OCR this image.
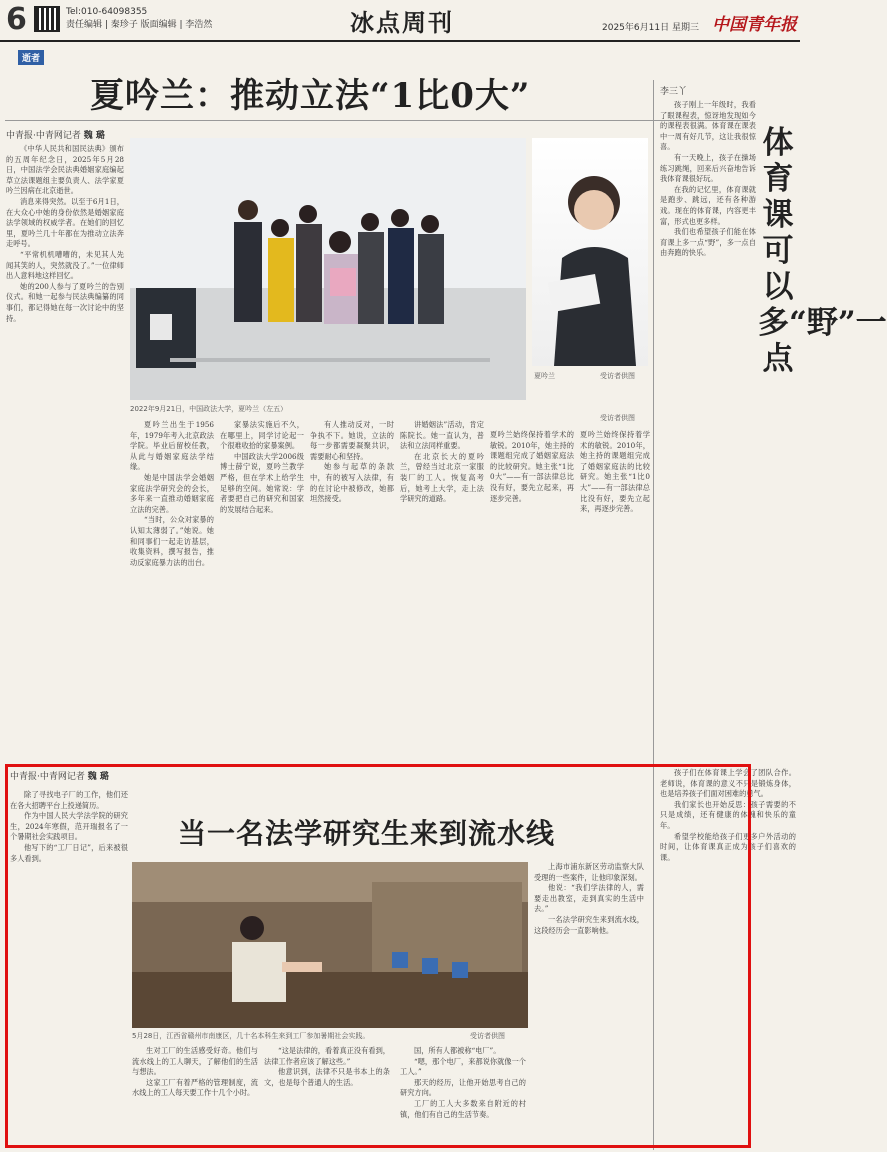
6	Tel:010-64098355
责任编辑 | 秦珍子 版面编辑 | 李浩然	冰点周刊	2025年6月11日 星期三 中国青年报
逝者
夏吟兰：推动立法“1比0大”
中青报·中青网记者 魏 璐

《中华人民共和国民法典》颁布的五周年纪念日，2025年5月28日，中国法学会民法典婚姻家庭编起草立法课题组主要负责人、法学家夏吟兰因病在北京逝世。

消息来得突然。以至于6月1日，在大众心中她的身份依然是婚姻家庭法学领域的权威学者。在她们的回忆里，夏吟兰几十年都在为推动立法奔走呼号。

“平常机机嘈嘈的，未见其人先闻其笑的人，突然就没了。”一位律师出人意料地这样回忆。

她的200人参与了夏吟兰的告别仪式。和她一起参与民法典编纂的同事们，都记得她在每一次讨论中的坚持。

2022年9月21日，中国政法大学，夏吟兰（左五）
夏吟兰	受访者供图
受访者供图

夏吟兰出生于1956年，1979年考入北京政法学院。毕业后留校任教，从此与婚姻家庭法学结缘。

她是中国法学会婚姻家庭法学研究会的会长，多年来一直推动婚姻家庭立法的完善。

“当时，公众对家暴的认知太薄弱了。”她说。她和同事们一起走访基层，收集资料，撰写报告，推动反家庭暴力法的出台。

家暴法实施后不久，在哪里上，同学讨论起一个很难收拾的家暴案例。

中国政法大学2006级博士薛宁说，夏吟兰教学严格，但在学术上给学生足够的空间。她常说：学者要把自己的研究和国家的发展结合起来。

有人推动反对，一时争执不下。她说，立法的每一步都需要凝聚共识，需要耐心和坚持。

她参与起草的条款中，有的被写入法律，有的在讨论中被修改，她都坦然接受。

讲婚姻法”活动，肯定陈院长。她一直认为，普法和立法同样重要。

在北京长大的夏吟兰，曾经当过北京一家服装厂的工人。恢复高考后，她考上大学，走上法学研究的道路。

夏吟兰始终保持着学术的敏锐。2010年，她主持的课题组完成了婚姻家庭法的比较研究。她主张“1比0大”——有一部法律总比没有好，要先立起来，再逐步完善。
夏吟兰始终保持着学术的敏锐。2010年，她主持的课题组完成了婚姻家庭法的比较研究。她主张“1比0大”——有一部法律总比没有好，要先立起来，再逐步完善。
李三丫

孩子刚上一年级时，我看了眼课程表，惊讶地发现如今的课程表很满。体育课在课表中一周有好几节，这让我很惊喜。

有一天晚上，孩子在操场练习跳绳，回来后兴奋地告诉我体育课很好玩。

在我的记忆里，体育课就是跑步、跳远，还有各种游戏。现在的体育课，内容更丰富，形式也更多样。

我们也希望孩子们能在体育课上多一点“野”，多一点自由奔跑的快乐。

体育课可以多“野”一点

孩子们在体育课上学会了团队合作。老师说，体育课的意义不只是锻炼身体，也是培养孩子们面对困难的勇气。

我们家长也开始反思：孩子需要的不只是成绩，还有健康的体魄和快乐的童年。

希望学校能给孩子们更多户外活动的时间，让体育课真正成为孩子们喜欢的课。

中青报·中青网记者 魏 璐
当一名法学研究生来到流水线

除了寻找电子厂的工作，他们还在各大招聘平台上投递简历。

作为中国人民大学法学院的研究生，2024年寒假，范开瑞报名了一个暑期社会实践项目。

他写下的“工厂日记”，后来被很多人看到。

5月28日，江西省赣州市南康区，几十名本科生来到工厂参加暑期社会实践。	受访者供图

生对工厂的生活感受好奇。他们与流水线上的工人聊天，了解他们的生活与想法。

这家工厂有着严格的管理制度，流水线上的工人每天要工作十几个小时。

“这是法律的，看着真正没有看到，法律工作者应该了解这些。”

他意识到，法律不只是书本上的条文，也是每个普通人的生活。

国，所有人都被称“电厂”。

“嗯，那个电厂，来都说你就像一个工人。”

那天的经历，让他开始思考自己的研究方向。

工厂的工人大多数来自附近的村镇，他们有自己的生活节奏。

上海市浦东新区劳动监察大队受理的一些案件，让他印象深刻。

他说：“我们学法律的人，需要走出教室，走到真实的生活中去。”

一名法学研究生来到流水线，这段经历会一直影响他。
